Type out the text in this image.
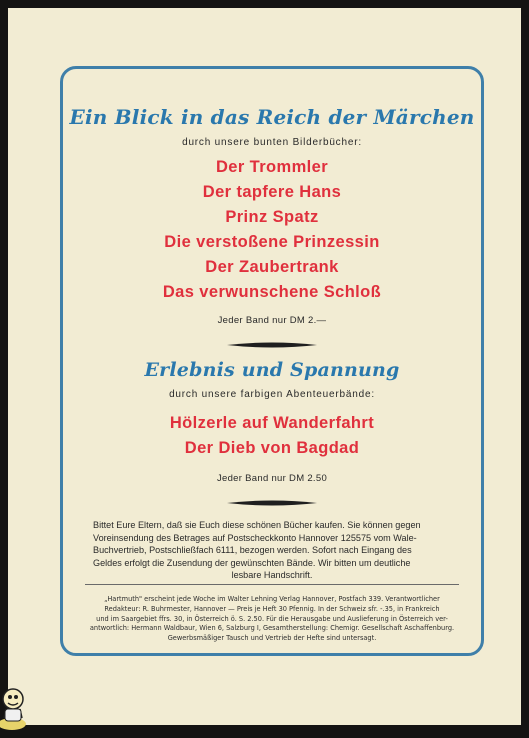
Ein Blick in das Reich der Märchen
durch unsere bunten Bilderbücher:
Der Trommler
Der tapfere Hans
Prinz Spatz
Die verstoßene Prinzessin
Der Zaubertrank
Das verwunschene Schloß
Jeder Band nur DM 2.—
Erlebnis und Spannung
durch unsere farbigen Abenteuerbände:
Hölzerle auf Wanderfahrt
Der Dieb von Bagdad
Jeder Band nur DM 2.50
Bittet Eure Eltern, daß sie Euch diese schönen Bücher kaufen. Sie können gegen
Voreinsendung des Betrages auf Postscheckkonto Hannover 125575 vom Wale-
Buchvertrieb, Postschließfach 6111, bezogen werden. Sofort nach Eingang des
Geldes erfolgt die Zusendung der gewünschten Bände. Wir bitten um deutliche
lesbare Handschrift.
„Hartmuth" erscheint jede Woche im Walter Lehning Verlag Hannover, Postfach 339. Verantwortlicher
Redakteur: R. Buhrmester, Hannover — Preis je Heft 30 Pfennig. In der Schweiz sfr. -.35, in Frankreich
und im Saargebiet ffrs. 30, in Österreich ö. S. 2.50. Für die Herausgabe und Auslieferung in Österreich ver-
antwortlich: Hermann Waldbaur, Wien 6, Salzburg I, Gesamtherstellung: Chemigr. Gesellschaft Aschaffenburg.
Gewerbsmäßiger Tausch und Vertrieb der Hefte sind untersagt.
